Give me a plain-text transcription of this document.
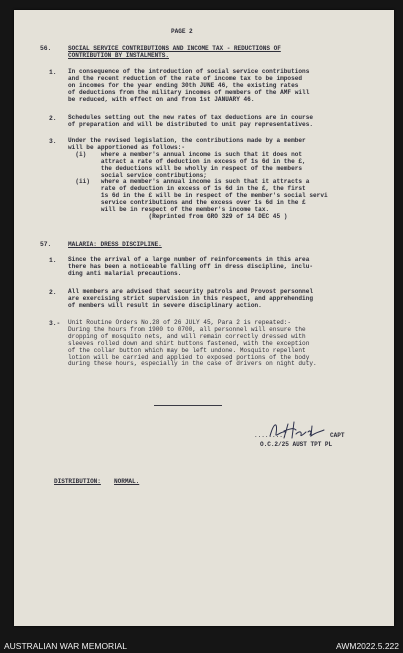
PAGE 2
56.	SOCIAL SERVICE CONTRIBUTIONS AND INCOME TAX - REDUCTIONS OF
CONTRIBUTION BY INSTALMENTS.
1. In consequence of the introduction of social service contributions
and the recent reduction of the rate of income tax to be imposed
on incomes for the year ending 30th JUNE 46, the existing rates
of deductions from the military incomes of members of the AMF will
be reduced, with effect on and from 1st JANUARY 46.
2. Schedules setting out the new rates of tax deductions are in course
of preparation and will be distributed to unit pay representatives.
3. Under the revised legislation, the contributions made by a member
will be apportioned as follows:-
(i)    where a member's annual income is such that it does not
attract a rate of deduction in excess of 1s 6d in the £,
the deductions will be wholly in respect of the members
social service contributions;
(ii)   where a member's annual income is such that it attracts a
rate of deduction in excess of 1s 6d in the £, the first
1s 6d in the £ will be in respect of the member's social servi
service contributions and the excess over 1s 6d in the £
will be in respect of the member's income tax.
(Reprinted from GRO 329 of 14 DEC 45 )
57.	MALARIA: DRESS DISCIPLINE.
1. Since the arrival of a large number of reinforcements in this area
there has been a noticeable falling off in dress discipline, inclu-
ding anti malarial precautions.
2. All members are advised that security patrols and Provost personnel
are exercising strict supervision in this respect, and apprehending
of members will result in severe disciplinary action.
3.- Unit Routine Orders No.28 of 26 JULY 45, Para 2 is repeated:-
During the hours from 1900 to 0700, all personnel will ensure the
dropping of mosquito nets, and will remain correctly dressed with
sleeves rolled down and shirt buttons fastened, with the exception
of the collar button which may be left undone. Mosquito repellent
lotion will be carried and applied to exposed portions of the body
during these hours, especially in the case of drivers on night duty.
.........	CAPT
O.C.2/25 AUST TPT PL
DISTRIBUTION: NORMAL.
AUSTRALIAN WAR MEMORIAL	AWM2022.5.222
